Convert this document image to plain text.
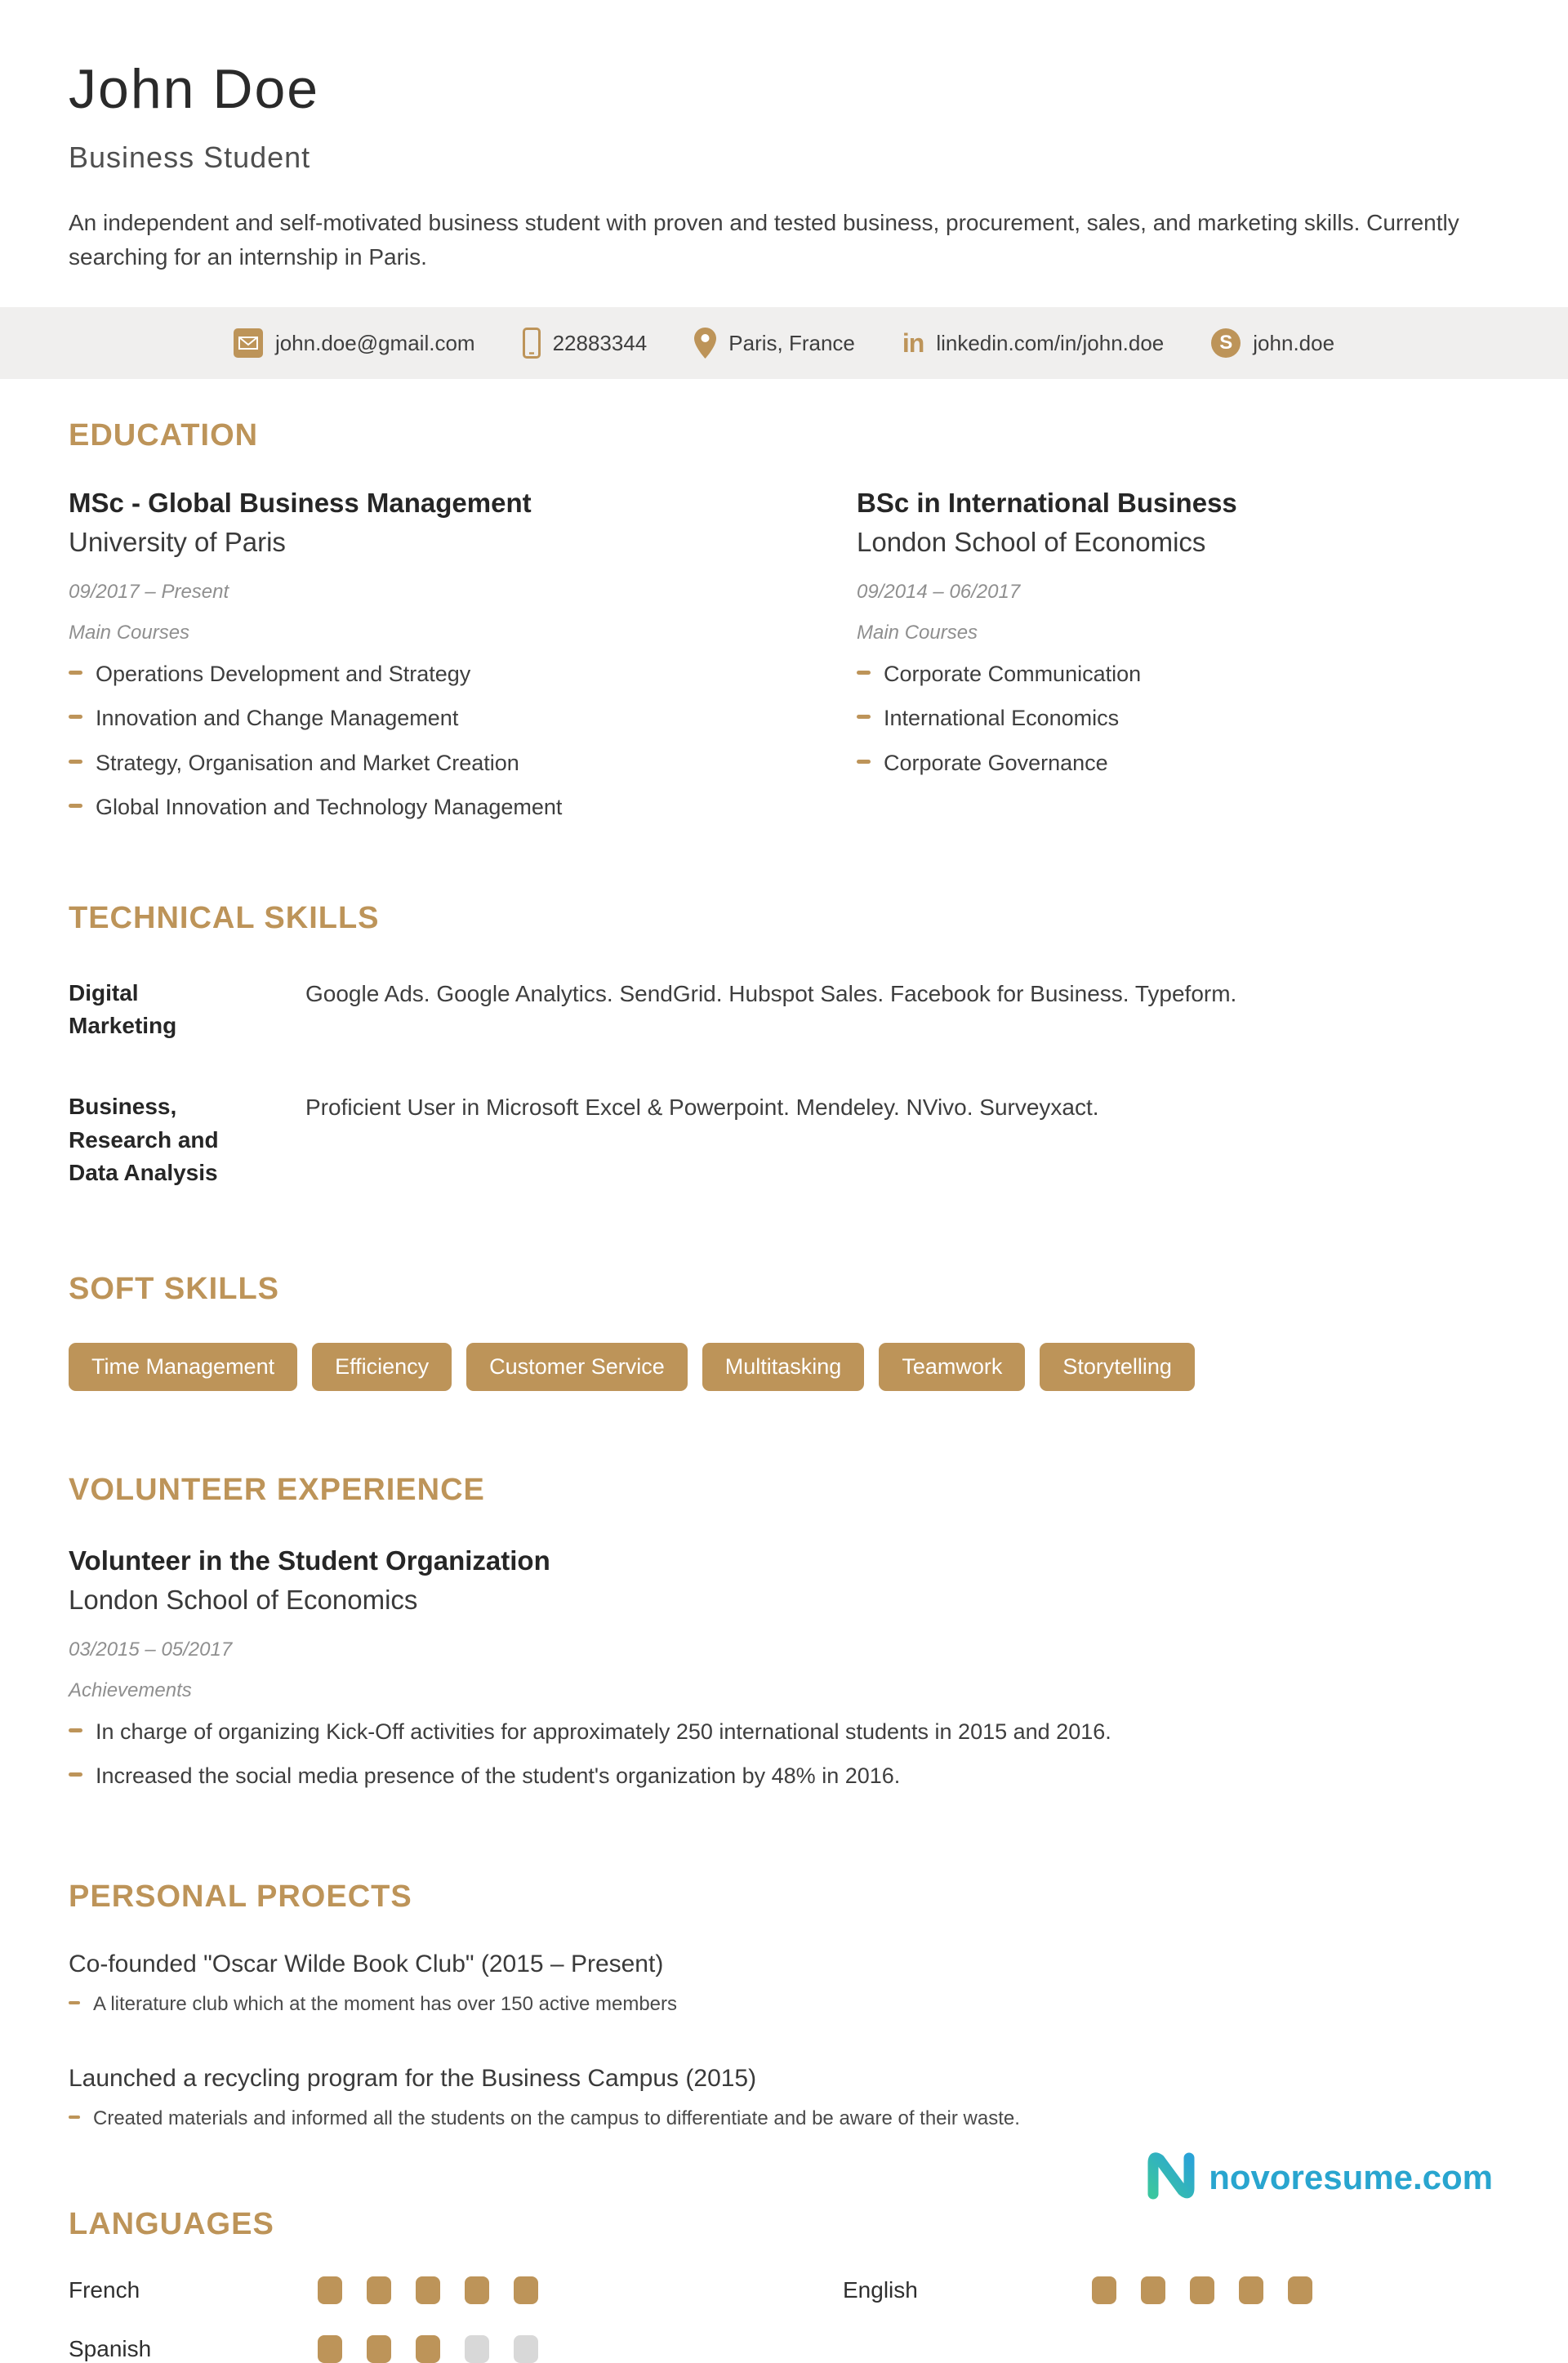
John Doe
Business Student
An independent and self-motivated business student with proven and tested business, procurement, sales, and marketing skills. Currently searching for an internship in Paris.
john.doe@gmail.com	22883344	Paris, France in linkedin.com/in/john.doe	S john.doe
EDUCATION
MSc - Global Business Management
University of Paris
09/2017 – Present
Main Courses
Operations Development and Strategy
Innovation and Change Management
Strategy, Organisation and Market Creation
Global Innovation and Technology Management
BSc in International Business
London School of Economics
09/2014 – 06/2017
Main Courses
Corporate Communication
International Economics
Corporate Governance
TECHNICAL SKILLS
Digital Marketing
Google Ads. Google Analytics. SendGrid. Hubspot Sales. Facebook for Business. Typeform.
Business, Research and Data Analysis
Proficient User in Microsoft Excel & Powerpoint. Mendeley. NVivo. Surveyxact.
SOFT SKILLS
Time Management	Efficiency	Customer Service	Multitasking	Teamwork	Storytelling
VOLUNTEER EXPERIENCE
Volunteer in the Student Organization
London School of Economics
03/2015 – 05/2017
Achievements
In charge of organizing Kick-Off activities for approximately 250 international students in 2015 and 2016.
Increased the social media presence of the student's organization by 48% in 2016.
PERSONAL PROECTS
Co-founded "Oscar Wilde Book Club" (2015 – Present)
A literature club which at the moment has over 150 active members
Launched a recycling program for the Business Campus (2015)
Created materials and informed all the students on the campus to differentiate and be aware of their waste.
LANGUAGES
French	English
Spanish
novoresume.com
